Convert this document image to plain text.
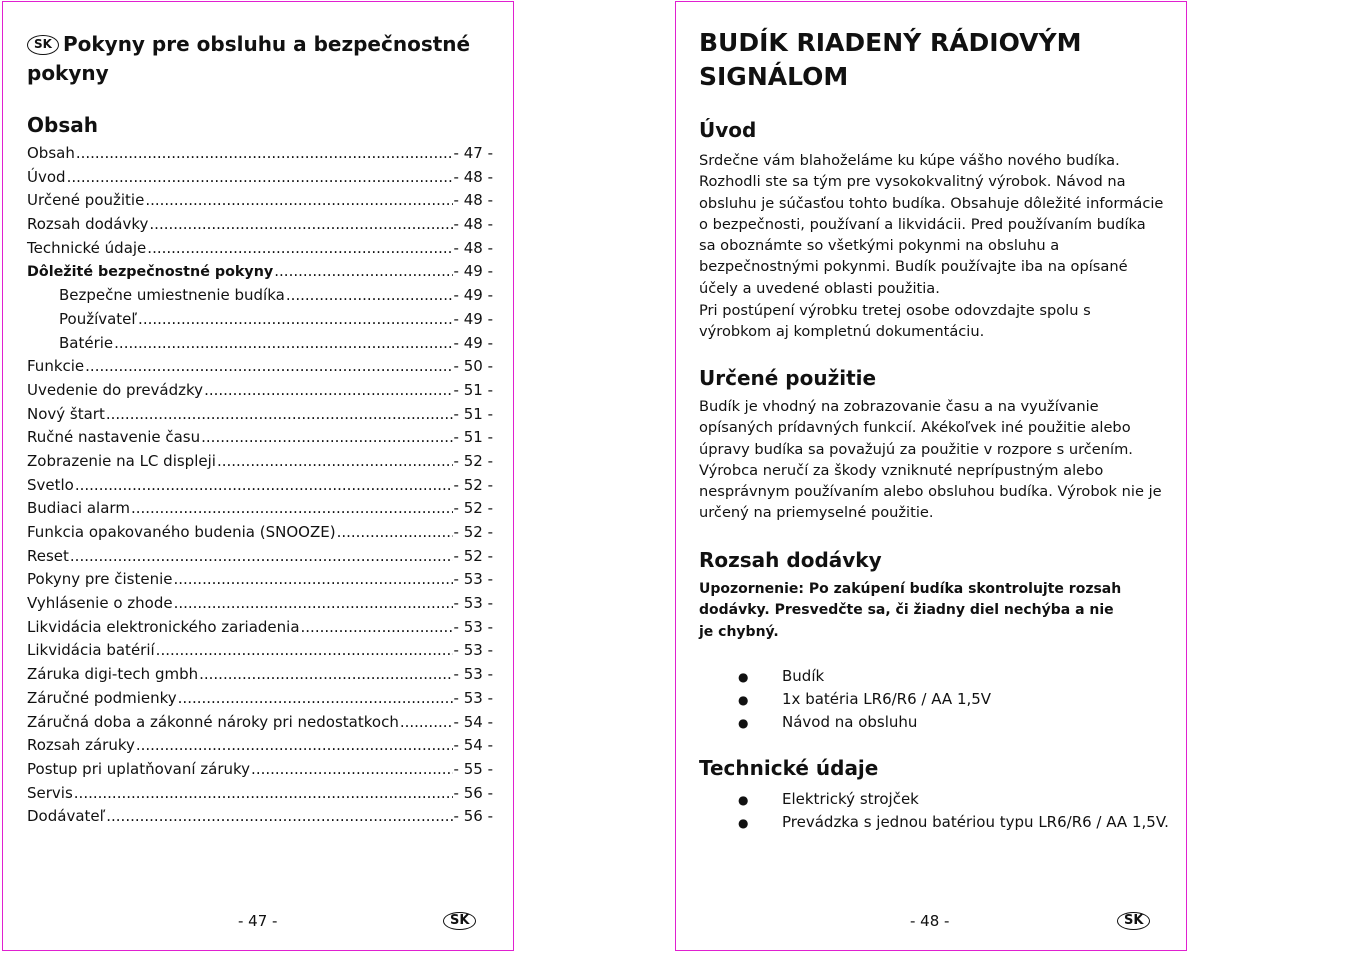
SK Pokyny pre obsluhu a bezpečnostné pokyny
Obsah
Obsah .....	- 47 -
Úvod .....	- 48 -
Určené použitie .....	- 48 -
Rozsah dodávky .....	- 48 -
Technické údaje .....	- 48 -
Dôležité bezpečnostné pokyny .....	- 49 -
Bezpečne umiestnenie budíka .....	- 49 -
Používateľ .....	- 49 -
Batérie .....	- 49 -
Funkcie .....	- 50 -
Uvedenie do prevádzky .....	- 51 -
Nový štart .....	- 51 -
Ručné nastavenie času .....	- 51 -
Zobrazenie na LC displeji .....	- 52 -
Svetlo .....	- 52 -
Budiaci alarm .....	- 52 -
Funkcia opakovaného budenia (SNOOZE) .....	- 52 -
Reset .....	- 52 -
Pokyny pre čistenie .....	- 53 -
Vyhlásenie o zhode .....	- 53 -
Likvidácia elektronického zariadenia .....	- 53 -
Likvidácia batérií .....	- 53 -
Záruka digi-tech gmbh .....	- 53 -
Záručné podmienky .....	- 53 -
Záručná doba a zákonné nároky pri nedostatkoch .....	- 54 -
Rozsah záruky .....	- 54 -
Postup pri uplatňovaní záruky .....	- 55 -
Servis .....	- 56 -
Dodávateľ .....	- 56 -
- 47 -	SK
BUDÍK RIADENÝ RÁDIOVÝM SIGNÁLOM
Úvod

Srdečne vám blahoželáme ku kúpe vášho nového budíka. Rozhodli ste sa tým pre vysokokvalitný výrobok. Návod na obsluhu je súčasťou tohto budíka. Obsahuje dôležité informácie o bezpečnosti, používaní a likvidácii. Pred používaním budíka sa oboznámte so všetkými pokynmi na obsluhu a bezpečnostnými pokynmi. Budík používajte iba na opísané účely a uvedené oblasti použitia.

Pri postúpení výrobku tretej osobe odovzdajte spolu s výrobkom aj kompletnú dokumentáciu.

Určené použitie

Budík je vhodný na zobrazovanie času a na využívanie opísaných prídavných funkcií. Akékoľvek iné použitie alebo úpravy budíka sa považujú za použitie v rozpore s určením. Výrobca neručí za škody vzniknuté neprípustným alebo nesprávnym používaním alebo obsluhou budíka. Výrobok nie je určený na priemyselné použitie.

Rozsah dodávky

Upozornenie: Po zakúpení budíka skontrolujte rozsah dodávky. Presvedčte sa, či žiadny diel nechýba a nie je chybný.

●	Budík
●	1x batéria LR6/R6 / AA 1,5V
●	Návod na obsluhu
Technické údaje
●	Elektrický strojček
●	Prevádzka s jednou batériou typu LR6/R6 / AA 1,5V.
- 48 -	SK
